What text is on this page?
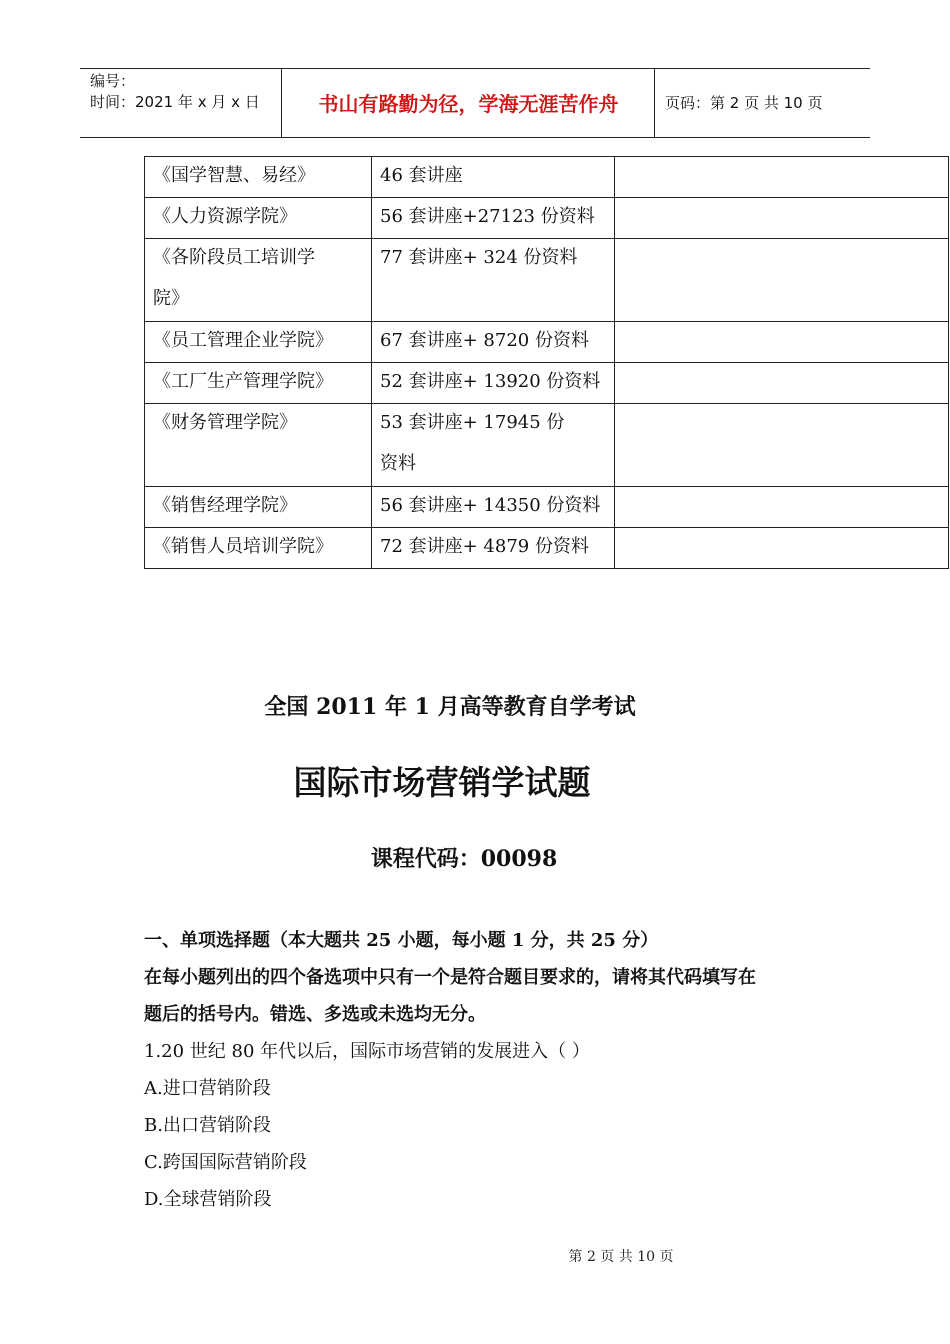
编号：
时间：2021 年 x 月 x 日	书山有路勤为径，学海无涯苦作舟	页码：第 2 页 共 10 页
《国学智慧、易经》	46 套讲座	

《人力资源学院》	56 套讲座+27123 份资料	

《各阶段员工培训学院》	77 套讲座+ 324 份资料	

《员工管理企业学院》	67 套讲座+ 8720 份资料	

《工厂生产管理学院》	52 套讲座+ 13920 份资料	

《财务管理学院》	53 套讲座+ 17945 份资料	

《销售经理学院》	56 套讲座+ 14350 份资料	

《销售人员培训学院》	72 套讲座+ 4879 份资料	

全国 2011 年 1 月高等教育自学考试
国际市场营销学试题
课程代码：00098

一、单项选择题（本大题共 25 小题，每小题 1 分，共 25 分）

在每小题列出的四个备选项中只有一个是符合题目要求的，请将其代码填写在

题后的括号内。错选、多选或未选均无分。

1.20 世纪 80 年代以后，国际市场营销的发展进入（ ）

A.进口营销阶段

B.出口营销阶段

C.跨国国际营销阶段

D.全球营销阶段

第 2 页 共 10 页
